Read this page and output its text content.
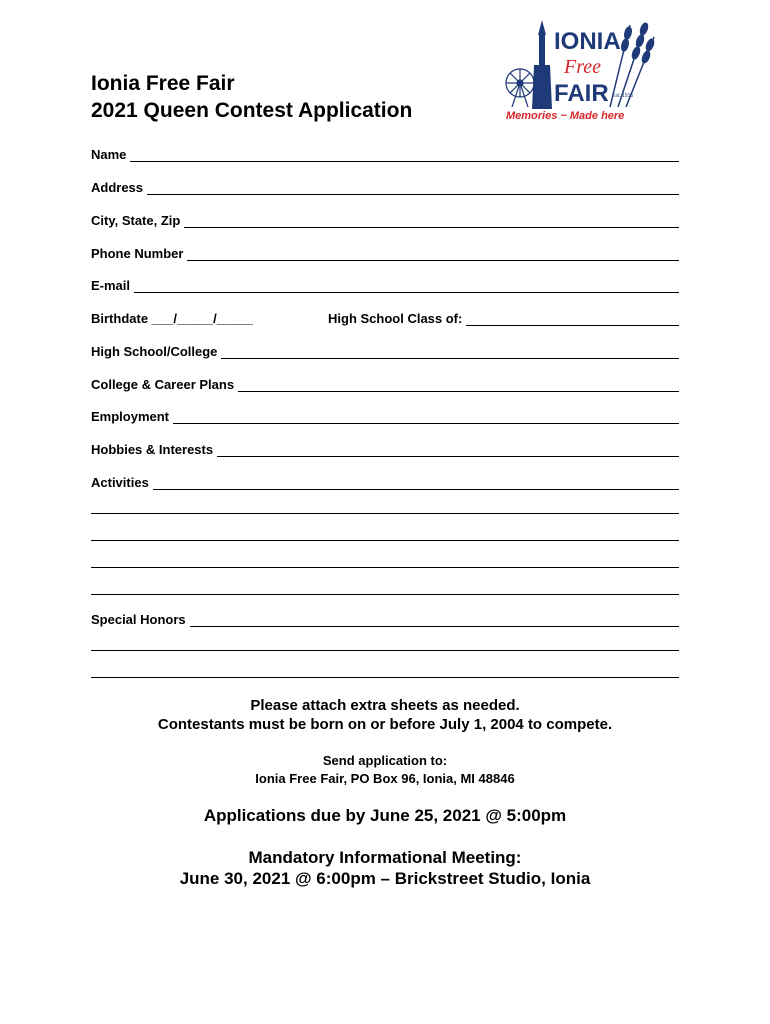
Ionia Free Fair
2021 Queen Contest Application
IONIA
Free
FAIR Est. 1915
Memories ~ Made here
Name
Address
City, State, Zip
Phone Number
E-mail
Birthdate ___/_____/_____	High School Class of:
High School/College
College & Career Plans
Employment
Hobbies & Interests
Activities
Special Honors
Please attach extra sheets as needed.
Contestants must be born on or before July 1, 2004 to compete.
Send application to:
Ionia Free Fair, PO Box 96, Ionia, MI 48846
Applications due by June 25, 2021 @ 5:00pm
Mandatory Informational Meeting:
June 30, 2021 @ 6:00pm – Brickstreet Studio, Ionia
